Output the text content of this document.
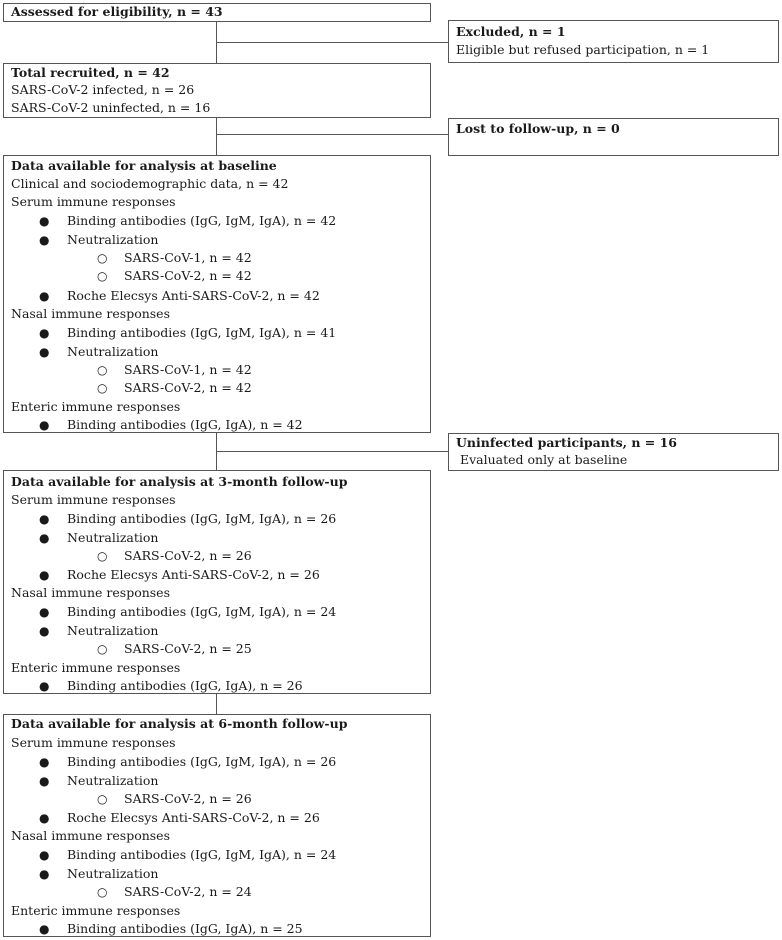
Assessed for eligibility, n = 43
Excluded, n = 1
Eligible but refused participation, n = 1
Total recruited, n = 42
SARS-CoV-2 infected, n = 26
SARS-CoV-2 uninfected, n = 16
Lost to follow-up, n = 0
Data available for analysis at baseline
Clinical and sociodemographic data, n = 42
Serum immune responses
● Binding antibodies (IgG, IgM, IgA), n = 42
● Neutralization
○ SARS-CoV-1, n = 42
○ SARS-CoV-2, n = 42
● Roche Elecsys Anti-SARS-CoV-2, n = 42
Nasal immune responses
● Binding antibodies (IgG, IgM, IgA), n = 41
● Neutralization
○ SARS-CoV-1, n = 42
○ SARS-CoV-2, n = 42
Enteric immune responses
● Binding antibodies (IgG, IgA), n = 42
Uninfected participants, n = 16
Evaluated only at baseline
Data available for analysis at 3-month follow-up
Serum immune responses
● Binding antibodies (IgG, IgM, IgA), n = 26
● Neutralization
○ SARS-CoV-2, n = 26
● Roche Elecsys Anti-SARS-CoV-2, n = 26
Nasal immune responses
● Binding antibodies (IgG, IgM, IgA), n = 24
● Neutralization
○ SARS-CoV-2, n = 25
Enteric immune responses
● Binding antibodies (IgG, IgA), n = 26
Data available for analysis at 6-month follow-up
Serum immune responses
● Binding antibodies (IgG, IgM, IgA), n = 26
● Neutralization
○ SARS-CoV-2, n = 26
● Roche Elecsys Anti-SARS-CoV-2, n = 26
Nasal immune responses
● Binding antibodies (IgG, IgM, IgA), n = 24
● Neutralization
○ SARS-CoV-2, n = 24
Enteric immune responses
● Binding antibodies (IgG, IgA), n = 25
